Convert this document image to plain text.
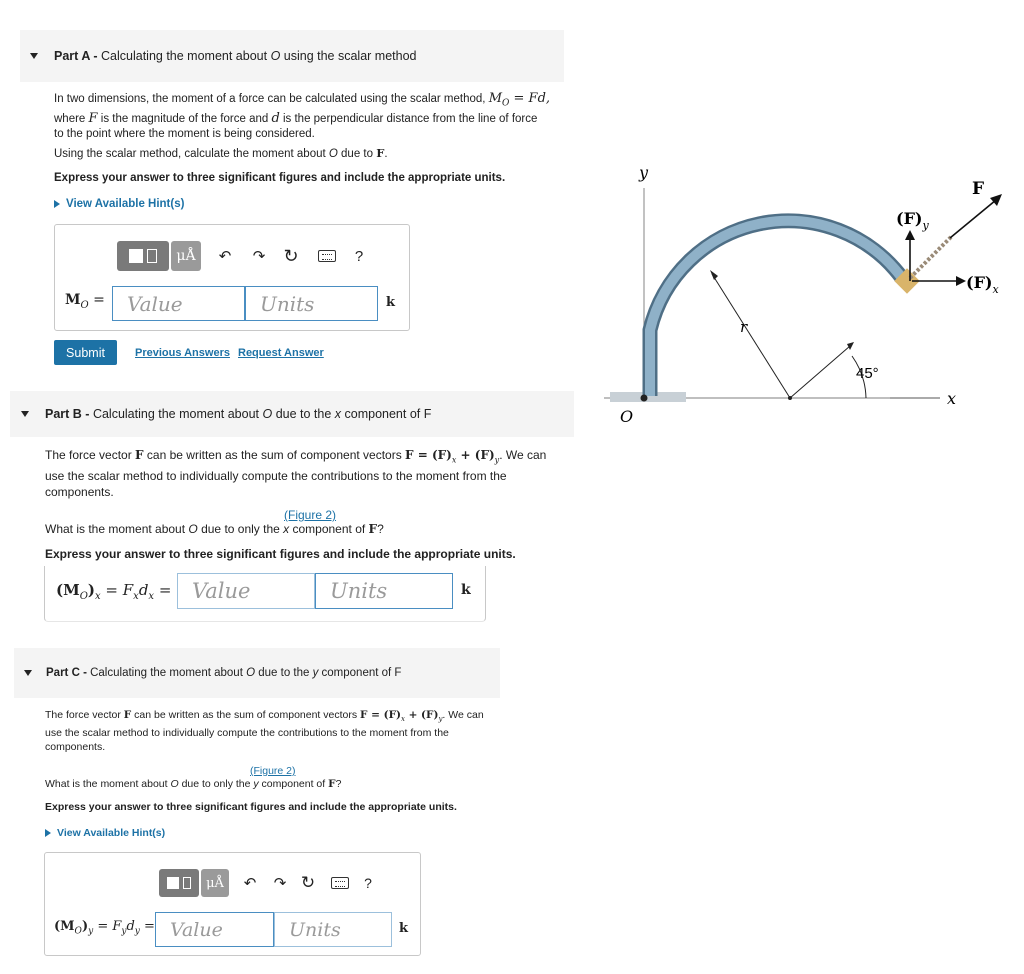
Part A - Calculating the moment about O using the scalar method
In two dimensions, the moment of a force can be calculated using the scalar method, $M_O = Fd$,
where F is the magnitude of the force and d is the perpendicular distance from the line of force
to the point where the moment is being considered.
Using the scalar method, calculate the moment about O due to F.
Express your answer to three significant figures and include the appropriate units.
View Available Hint(s)
μÅ	↶ ↷ ↻	?
$M_O$ =	Value	Units	k
Submit	Previous Answers Request Answer
Part B - Calculating the moment about O due to the x component of F
The force vector F can be written as the sum of component vectors $F = (F)_x + (F)_y$. We can
use the scalar method to individually compute the contributions to the moment from the
components.
(Figure 2)
What is the moment about O due to only the x component of F?
Express your answer to three significant figures and include the appropriate units.
$(M_O)_x = F_xd_x$ = Value	Units	k
Part C - Calculating the moment about O due to the y component of F
The force vector F can be written as the sum of component vectors $F = (F)_x + (F)_y$. We can
use the scalar method to individually compute the contributions to the moment from the
components.
(Figure 2)
What is the moment about O due to only the y component of F?
Express your answer to three significant figures and include the appropriate units.
View Available Hint(s)
μÅ	↶ ↷ ↻	?
$(M_O)_y = F_yd_y$ = Value	Units	k
y
x
O
r
45°
F
$(F)_y$
$(F)_x$
